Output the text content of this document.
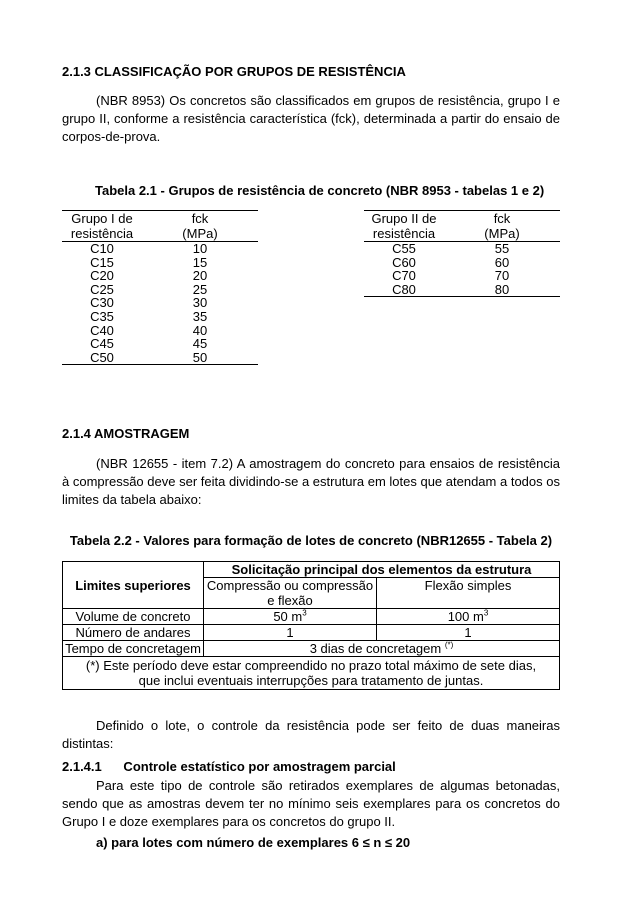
2.1.3 CLASSIFICAÇÃO POR GRUPOS DE RESISTÊNCIA
(NBR 8953) Os concretos são classificados em grupos de resistência, grupo I e grupo II, conforme a resistência característica (fck), determinada a partir do ensaio de corpos-de-prova.
Tabela 2.1 - Grupos de resistência de concreto (NBR 8953 - tabelas 1 e 2)
Grupo I de	fck
resistência	(MPa)
C10	10
C15	15
C20	20
C25	25
C30	30
C35	35
C40	40
C45	45
C50	50
Grupo II de	fck
resistência	(MPa)
C55	55
C60	60
C70	70
C80	80
2.1.4 AMOSTRAGEM
(NBR 12655 - item 7.2) A amostragem do concreto para ensaios de resistência à compressão deve ser feita dividindo-se a estrutura em lotes que atendam a todos os limites da tabela abaixo:
Tabela 2.2 - Valores para formação de lotes de concreto (NBR12655 - Tabela 2)
Limites superiores	Solicitação principal dos elementos da estrutura	
	Compressão ou compressão e flexão	Flexão simples
Volume de concreto	50 $m^3$	100 $m^3$
Número de andares	1	1
Tempo de concretagem	3 dias de concretagem (*)
(*) Este período deve estar compreendido no prazo total máximo de sete dias, que inclui eventuais interrupções para tratamento de juntas.		
Definido o lote, o controle da resistência pode ser feito de duas maneiras distintas:
2.1.4.1      Controle estatístico por amostragem parcial
Para este tipo de controle são retirados exemplares de algumas betonadas, sendo que as amostras devem ter no mínimo seis exemplares para os concretos do Grupo I e doze exemplares para os concretos do grupo II.
a) para lotes com número de exemplares 6 ≤ n ≤ 20
